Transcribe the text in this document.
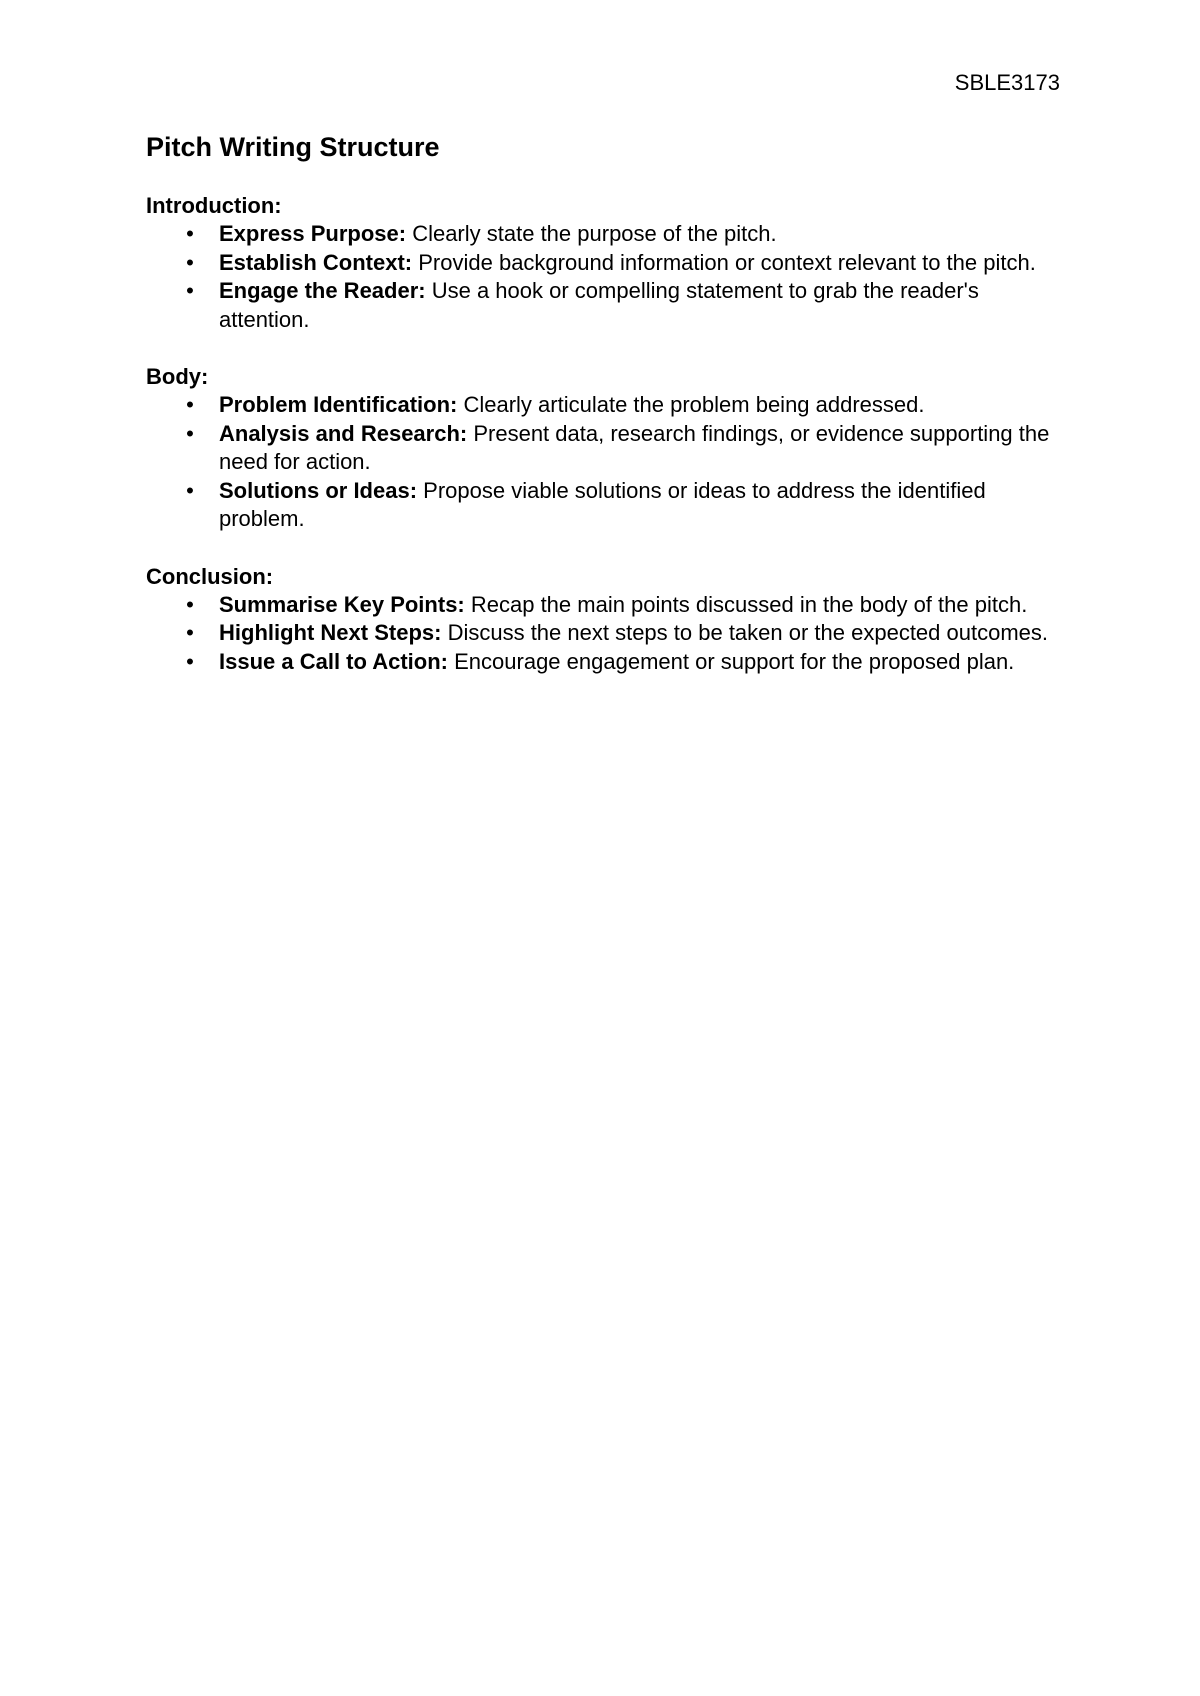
SBLE3173
Pitch Writing Structure

Introduction:

• Express Purpose: Clearly state the purpose of the pitch.
• Establish Context: Provide background information or context relevant to the pitch.
• Engage the Reader: Use a hook or compelling statement to grab the reader's attention.

Body:

• Problem Identification: Clearly articulate the problem being addressed.
• Analysis and Research: Present data, research findings, or evidence supporting the need for action.
• Solutions or Ideas: Propose viable solutions or ideas to address the identified problem.

Conclusion:

• Summarise Key Points: Recap the main points discussed in the body of the pitch.
• Highlight Next Steps: Discuss the next steps to be taken or the expected outcomes.
• Issue a Call to Action: Encourage engagement or support for the proposed plan.
